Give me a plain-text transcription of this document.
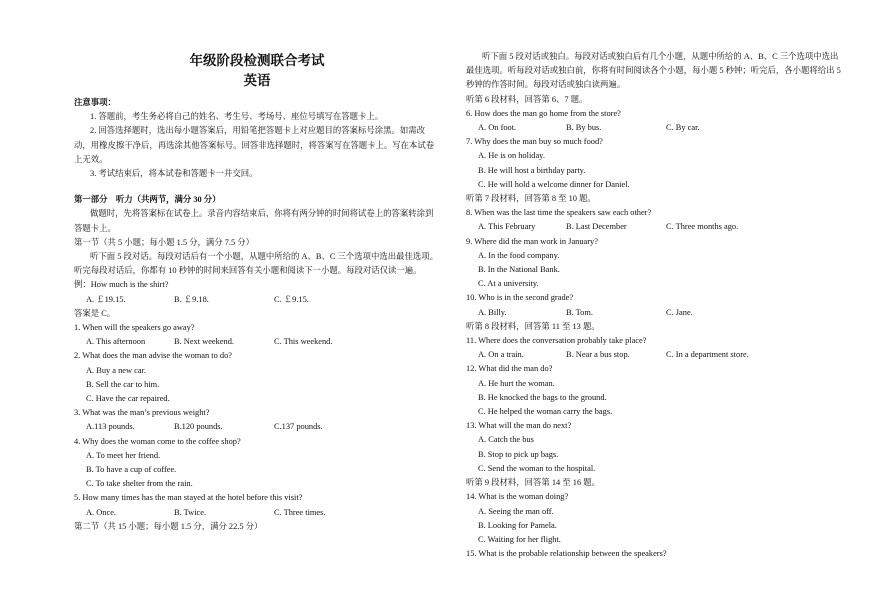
年级阶段检测联合考试
英语
注意事项：
1. 答题前，考生务必将自己的姓名、考生号、考场号、座位号填写在答题卡上。
2. 回答选择题时，选出每小题答案后，用铅笔把答题卡上对应题目的答案标号涂黑。如需改动，用橡皮擦干净后，再选涂其他答案标号。回答非选择题时，将答案写在答题卡上。写在本试卷上无效。
3. 考试结束后，将本试卷和答题卡一并交回。
第一部分　听力（共两节，满分 30 分）
做题时，先将答案标在试卷上。录音内容结束后，你将有两分钟的时间将试卷上的答案转涂到答题卡上。
第一节（共 5 小题；每小题 1.5 分，满分 7.5 分）
听下面 5 段对话。每段对话后有一个小题，从题中所给的 A、B、C 三个选项中选出最佳选项。听完每段对话后，你都有 10 秒钟的时间来回答有关小题和阅读下一小题。每段对话仅读一遍。
例：How much is the shirt?
A. ￡19.15.	B. ￡9.18.	C. ￡9.15.
答案是 C。
1. When will the speakers go away?
A. This afternoon	B. Next weekend.	C. This weekend.
2. What does the man advise the woman to do?
A. Buy a new car.
B. Sell the car to him.
C. Have the car repaired.
3. What was the man’s previous weight?
A.113 pounds.	B.120 pounds.	C.137 pounds.
4. Why does the woman come to the coffee shop?
A. To meet her friend.
B. To have a cup of coffee.
C. To take shelter from the rain.
5. How many times has the man stayed at the hotel before this visit?
A. Once.	B. Twice.	C. Three times.
第二节（共 15 小题；每小题 1.5 分，满分 22.5 分）
听下面 5 段对话或独白。每段对话或独白后有几个小题，从题中所给的 A、B、C 三个选项中选出最佳选项。听每段对话或独白前，你将有时间阅读各个小题，每小题 5 秒钟；听完后，各小题将给出 5 秒钟的作答时间。每段对话或独白读两遍。
听第 6 段材料，回答第 6、7 题。
6. How does the man go home from the store?
A. On foot.	B. By bus.	C. By car.
7. Why does the man buy so much food?
A. He is on holiday.
B. He will host a birthday party.
C. He will hold a welcome dinner for Daniel.
听第 7 段材料，回答第 8 至 10 题。
8. When was the last time the speakers saw each other?
A. This February	B. Last December	C. Three months ago.
9. Where did the man work in January?
A. In the food company.
B. In the National Bank.
C. At a university.
10. Who is in the second grade?
A. Billy.	B. Tom.	C. Jane.
听第 8 段材料，回答第 11 至 13 题。
11. Where does the conversation probably take place?
A. On a train.	B. Near a bus stop.	C. In a department store.
12. What did the man do?
A. He hurt the woman.
B. He knocked the bags to the ground.
C. He helped the woman carry the bags.
13. What will the man do next?
A. Catch the bus
B. Stop to pick up bags.
C. Send the woman to the hospital.
听第 9 段材料，回答第 14 至 16 题。
14. What is the woman doing?
A. Seeing the man off.
B. Looking for Pamela.
C. Waiting for her flight.
15. What is the probable relationship between the speakers?
